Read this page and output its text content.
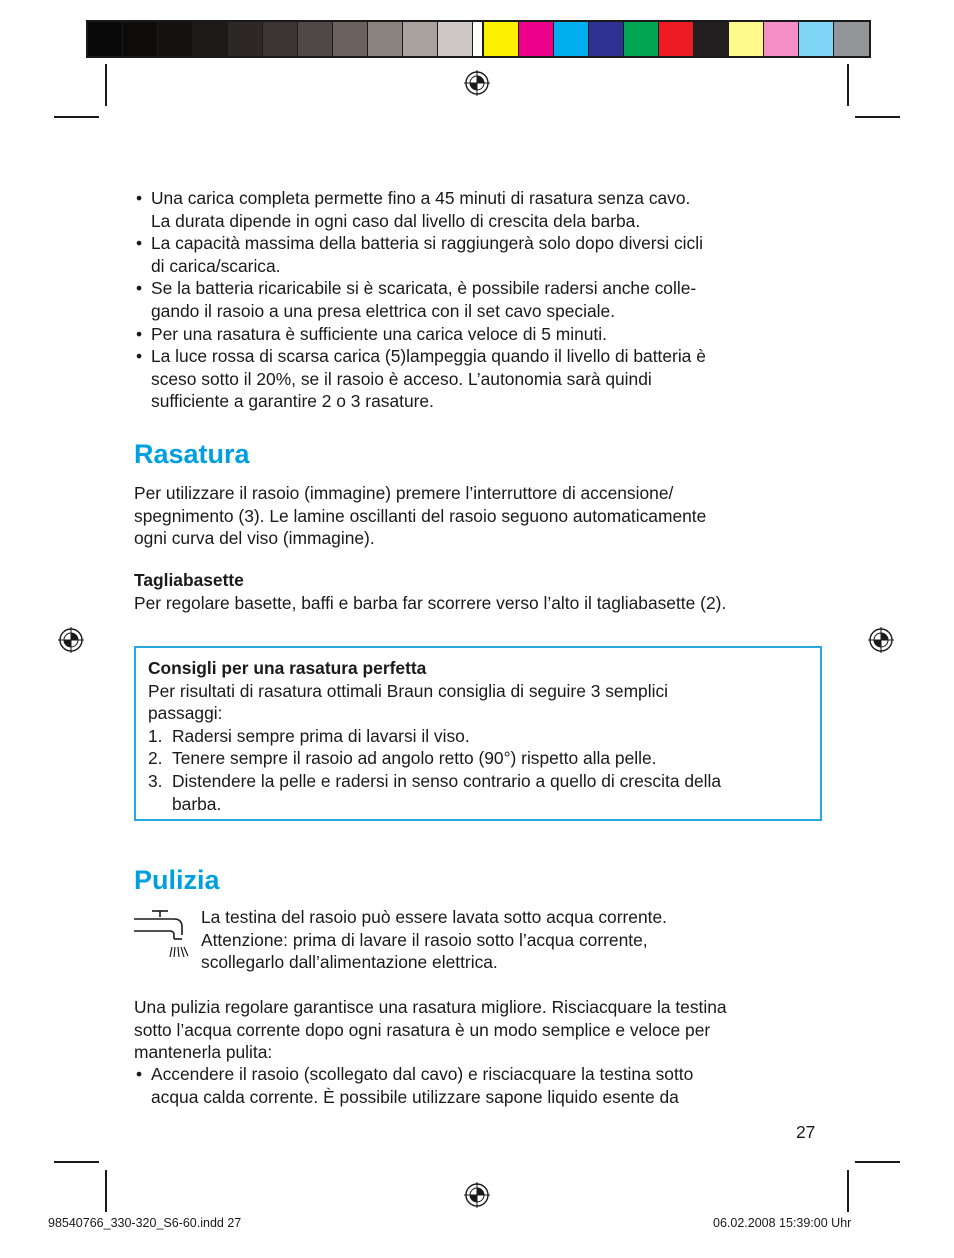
• Una carica completa permette fino a 45 minuti di rasatura senza cavo.
La durata dipende in ogni caso dal livello di crescita dela barba.
• La capacità massima della batteria si raggiungerà solo dopo diversi cicli
di carica/scarica.
• Se la batteria ricaricabile si è scaricata, è possibile radersi anche colle-
gando il rasoio a una presa elettrica con il set cavo speciale.
• Per una rasatura è sufficiente una carica veloce di 5 minuti.
• La luce rossa di scarsa carica (5)lampeggia quando il livello di batteria è
sceso sotto il 20%, se il rasoio è acceso. L’autonomia sarà quindi
sufficiente a garantire 2 o 3 rasature.
Rasatura
Per utilizzare il rasoio (immagine) premere l’interruttore di accensione/
spegnimento (3). Le lamine oscillanti del rasoio seguono automaticamente
ogni curva del viso (immagine).
Tagliabasette
Per regolare basette, baffi e barba far scorrere verso l’alto il tagliabasette (2).
Consigli per una rasatura perfetta
Per risultati di rasatura ottimali Braun consiglia di seguire 3 semplici
passaggi:
1. Radersi sempre prima di lavarsi il viso.
2. Tenere sempre il rasoio ad angolo retto (90°) rispetto alla pelle.
3. Distendere la pelle e radersi in senso contrario a quello di crescita della
barba.
Pulizia
La testina del rasoio può essere lavata sotto acqua corrente.
Attenzione: prima di lavare il rasoio sotto l’acqua corrente,
scollegarlo dall’alimentazione elettrica.
Una pulizia regolare garantisce una rasatura migliore. Risciacquare la testina
sotto l’acqua corrente dopo ogni rasatura è un modo semplice e veloce per
mantenerla pulita:
• Accendere il rasoio (scollegato dal cavo) e risciacquare la testina sotto
acqua calda corrente. È possibile utilizzare sapone liquido esente da
27
98540766_330-320_S6-60.indd 27	06.02.2008 15:39:00 Uhr
